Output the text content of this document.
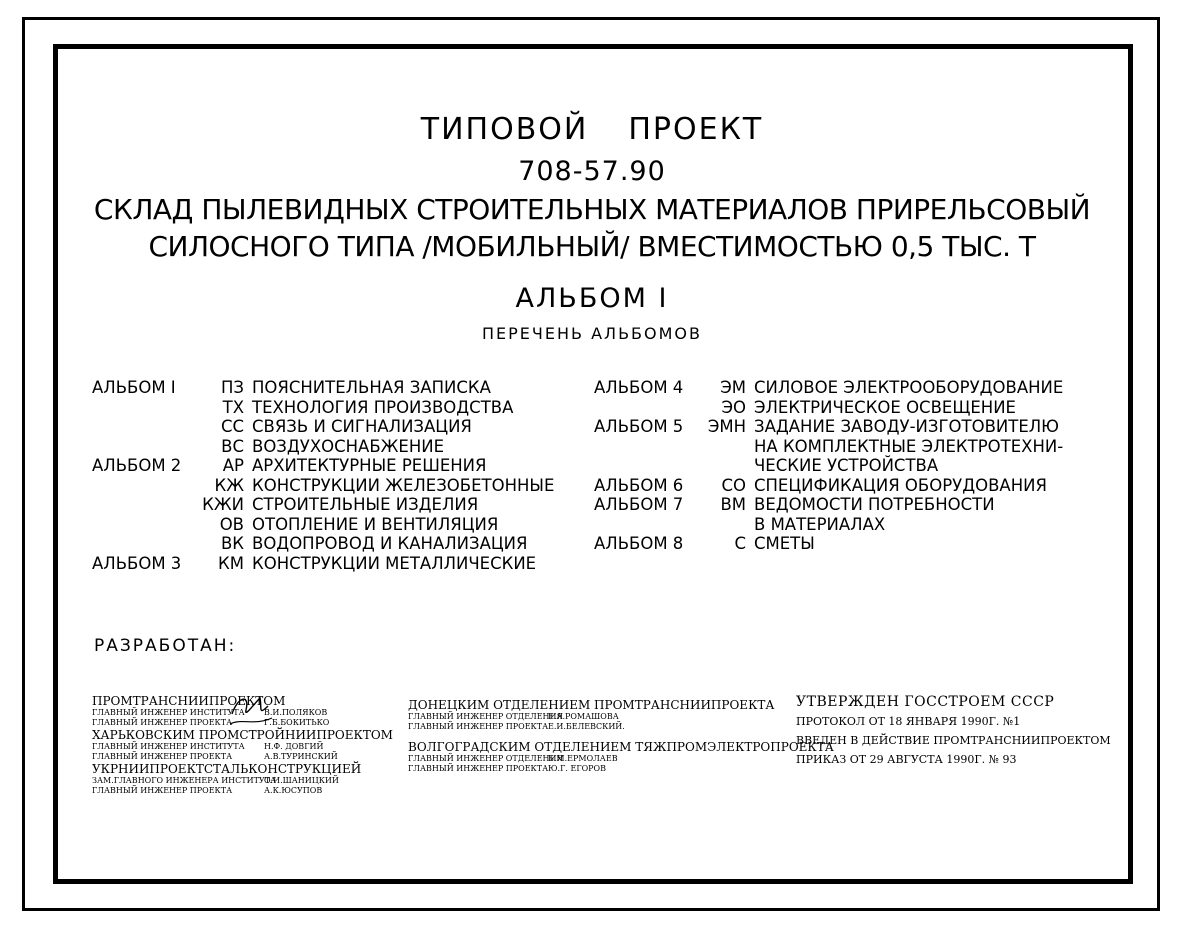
ТИПОВОЙ ПРОЕКТ
708-57.90
СКЛАД ПЫЛЕВИДНЫХ СТРОИТЕЛЬНЫХ МАТЕРИАЛОВ ПРИРЕЛЬСОВЫЙ
СИЛОСНОГО ТИПА /МОБИЛЬНЫЙ/ ВМЕСТИМОСТЬЮ 0,5 ТЫС. Т
АЛЬБОМ I
ПЕРЕЧЕНЬ АЛЬБОМОВ
АЛЬБОМ I	ПЗ ПОЯСНИТЕЛЬНАЯ ЗАПИСКА
ТХ ТЕХНОЛОГИЯ ПРОИЗВОДСТВА
СС СВЯЗЬ И СИГНАЛИЗАЦИЯ
ВС ВОЗДУХОСНАБЖЕНИЕ
АЛЬБОМ 2	АР АРХИТЕКТУРНЫЕ РЕШЕНИЯ
КЖ КОНСТРУКЦИИ ЖЕЛЕЗОБЕТОННЫЕ
КЖИ СТРОИТЕЛЬНЫЕ ИЗДЕЛИЯ
ОВ ОТОПЛЕНИЕ И ВЕНТИЛЯЦИЯ
ВК ВОДОПРОВОД И КАНАЛИЗАЦИЯ
АЛЬБОМ 3	КМ КОНСТРУКЦИИ МЕТАЛЛИЧЕСКИЕ
АЛЬБОМ 4	ЭМ СИЛОВОЕ ЭЛЕКТРООБОРУДОВАНИЕ
ЭО ЭЛЕКТРИЧЕСКОЕ ОСВЕЩЕНИЕ
АЛЬБОМ 5	ЭМН ЗАДАНИЕ ЗАВОДУ-ИЗГОТОВИТЕЛЮ
НА КОМПЛЕКТНЫЕ ЭЛЕКТРОТЕХНИ-
ЧЕСКИЕ УСТРОЙСТВА
АЛЬБОМ 6	СО СПЕЦИФИКАЦИЯ ОБОРУДОВАНИЯ
АЛЬБОМ 7	ВМ ВЕДОМОСТИ ПОТРЕБНОСТИ
В МАТЕРИАЛАХ
АЛЬБОМ 8	С СМЕТЫ
РАЗРАБОТАН:
ПРОМТРАНСНИИПРОЕКТОМ
ГЛАВНЫЙ ИНЖЕНЕР ИНСТИТУТА	В.И.ПОЛЯКОВ
ГЛАВНЫЙ ИНЖЕНЕР ПРОЕКТА	Г.Б.БОКИТЬКО
ХАРЬКОВСКИМ ПРОМСТРОЙНИИПРОЕКТОМ
ГЛАВНЫЙ ИНЖЕНЕР ИНСТИТУТА	Н.Ф. ДОВГИЙ
ГЛАВНЫЙ ИНЖЕНЕР ПРОЕКТА	А.В.ТУРИНСКИЙ
УКРНИИПРОЕКТСТАЛЬКОНСТРУКЦИЕЙ
ЗАМ.ГЛАВНОГО ИНЖЕНЕРА ИНСТИТУТА
О.И.ШАНИЦКИЙ
ГЛАВНЫЙ ИНЖЕНЕР ПРОЕКТА	А.К.ЮСУПОВ
ДОНЕЦКИМ ОТДЕЛЕНИЕМ ПРОМТРАНСНИИПРОЕКТА
ГЛАВНЫЙ ИНЖЕНЕР ОТДЕЛЕНИЯ
Е.А.РОМАШОВА
ГЛАВНЫЙ ИНЖЕНЕР ПРОЕКТА Е.И.БЕЛЕВСКИЙ.
ВОЛГОГРАДСКИМ ОТДЕЛЕНИЕМ ТЯЖПРОМЭЛЕКТРОПРОЕКТА
ГЛАВНЫЙ ИНЖЕНЕР ОТДЕЛЕНИЯ
Б.М.ЕРМОЛАЕВ
ГЛАВНЫЙ ИНЖЕНЕР ПРОЕКТА Ю.Г. ЕГОРОВ
УТВЕРЖДЕН ГОССТРОЕМ СССР
ПРОТОКОЛ ОТ 18 ЯНВАРЯ 1990Г. №1
ВВЕДЕН В ДЕЙСТВИЕ ПРОМТРАНСНИИПРОЕКТОМ
ПРИКАЗ ОТ 29 АВГУСТА 1990Г. № 93
